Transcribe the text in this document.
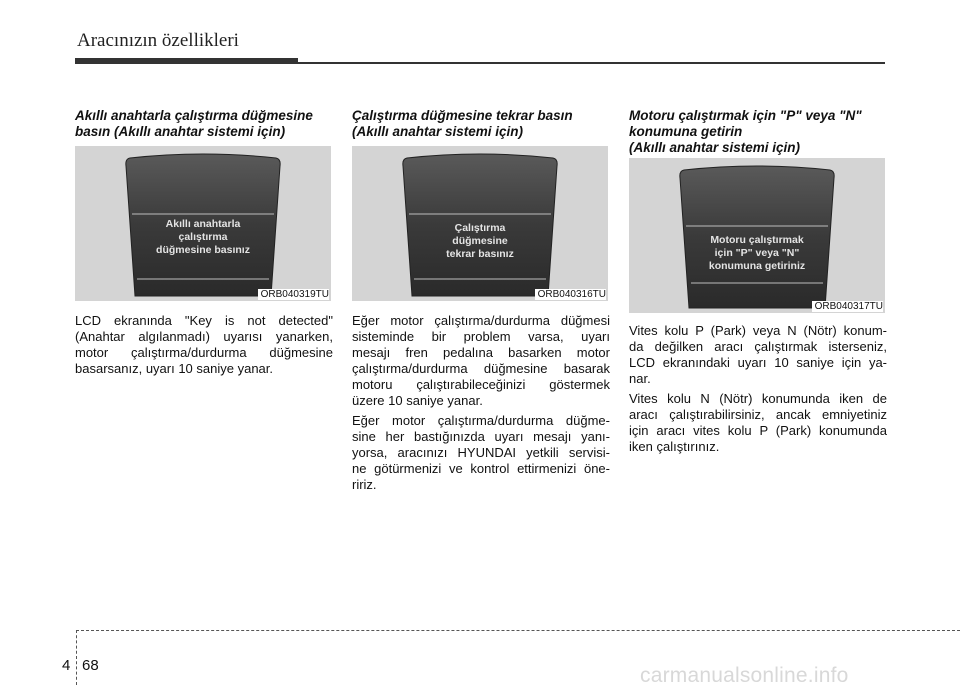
Aracınızın özellikleri
Akıllı anahtarla çalıştırma düğmesine
basın (Akıllı anahtar sistemi için)
Akıllı anahtarla
çalıştırma
düğmesine basınız
ORB040319TU
LCD ekranında "Key is not detected"
(Anahtar algılanmadı) uyarısı yanarken,
motor çalıştırma/durdurma düğmesine
basarsanız, uyarı 10 saniye yanar.
Çalıştırma düğmesine tekrar basın
(Akıllı anahtar sistemi için)
Çalıştırma
düğmesine
tekrar basınız
ORB040316TU
Eğer motor çalıştırma/durdurma düğmesi
sisteminde bir problem varsa, uyarı
mesajı fren pedalına basarken motor
çalıştırma/durdurma düğmesine basarak
motoru çalıştırabileceğinizi göstermek
üzere 10 saniye yanar.
Eğer motor çalıştırma/durdurma düğme-
sine her bastığınızda uyarı mesajı yanı-
yorsa, aracınızı HYUNDAI yetkili servisi-
ne götürmenizi ve kontrol ettirmenizi öne-
ririz.
Motoru çalıştırmak için "P" veya "N"
konumuna getirin
(Akıllı anahtar sistemi için)
Motoru çalıştırmak
için "P" veya "N"
konumuna getiriniz
ORB040317TU
Vites kolu P (Park) veya N (Nötr) konum-
da değilken aracı çalıştırmak isterseniz,
LCD ekranındaki uyarı 10 saniye için ya-
nar.
Vites kolu N (Nötr) konumunda iken de
aracı çalıştırabilirsiniz, ancak emniyetiniz
için aracı vites kolu P (Park) konumunda
iken çalıştırınız.
4 68	carmanualsonline.info
